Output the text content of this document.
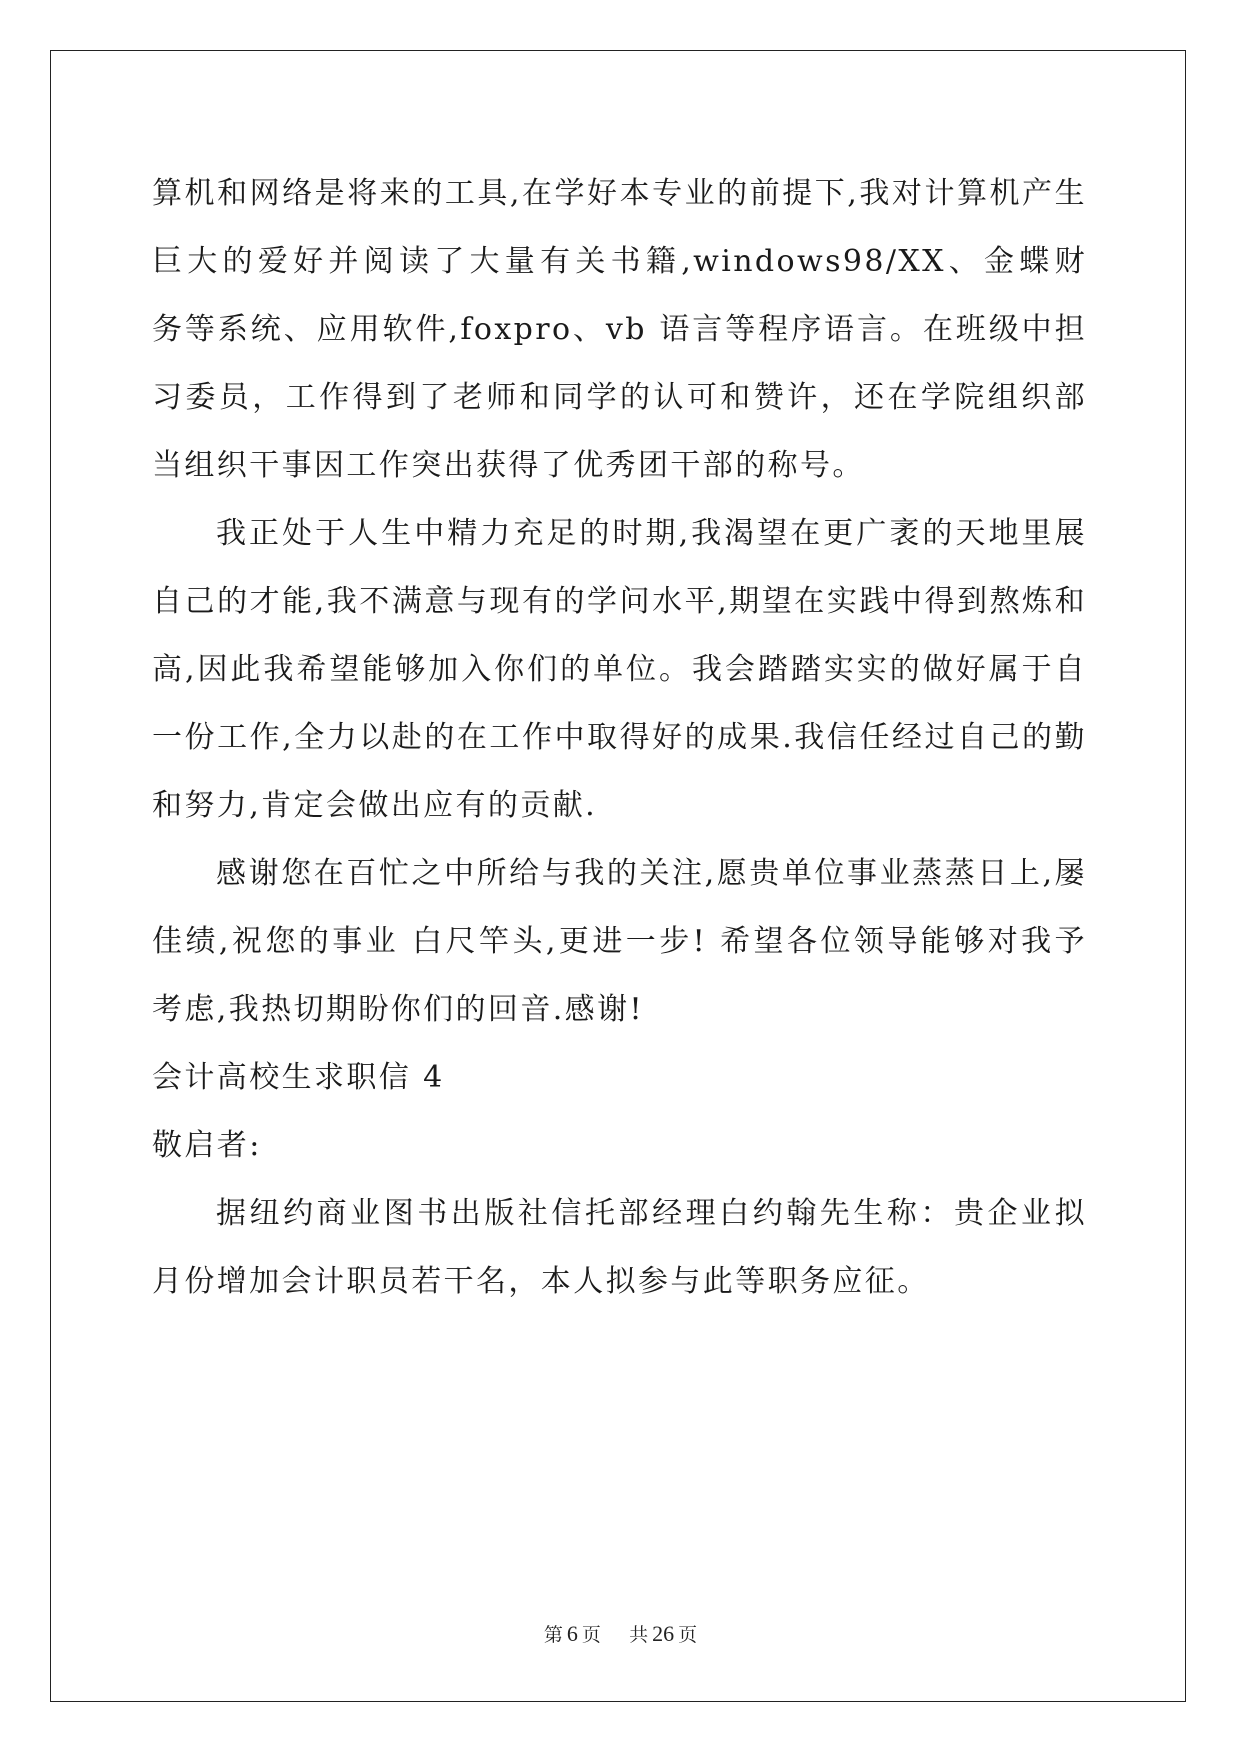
算机和网络是将来的工具,在学好本专业的前提下,我对计算机产生
巨大的爱好并阅读了大量有关书籍,windows98/XX、金蝶财
务等系统、应用软件,foxpro、vb 语言等程序语言。在班级中担
习委员，工作得到了老师和同学的认可和赞许，还在学院组织部
当组织干事因工作突出获得了优秀团干部的称号。
我正处于人生中精力充足的时期,我渴望在更广袤的天地里展
自己的才能,我不满意与现有的学问水平,期望在实践中得到熬炼和
高,因此我希望能够加入你们的单位。我会踏踏实实的做好属于自
一份工作,全力以赴的在工作中取得好的成果.我信任经过自己的勤
和努力,肯定会做出应有的贡献.
感谢您在百忙之中所给与我的关注,愿贵单位事业蒸蒸日上,屡
佳绩,祝您的事业 白尺竿头,更进一步! 希望各位领导能够对我予
考虑,我热切期盼你们的回音.感谢!
会计高校生求职信 4
敬启者:
据纽约商业图书出版社信托部经理白约翰先生称：贵企业拟
月份增加会计职员若干名，本人拟参与此等职务应征。
第 6 页 共 26 页
